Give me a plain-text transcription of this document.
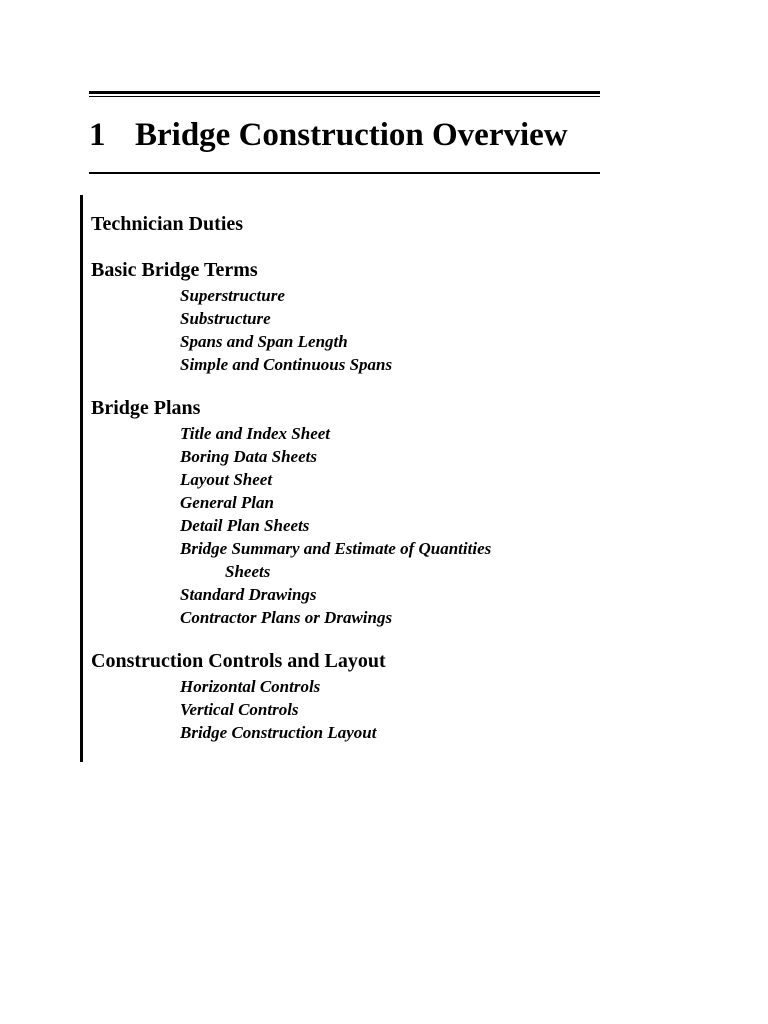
1 Bridge Construction Overview
Technician Duties
Basic Bridge Terms
Superstructure
Substructure
Spans and Span Length
Simple and Continuous Spans
Bridge Plans
Title and Index Sheet
Boring Data Sheets
Layout Sheet
General Plan
Detail Plan Sheets
Bridge Summary and Estimate of Quantities
Sheets
Standard Drawings
Contractor Plans or Drawings
Construction Controls and Layout
Horizontal Controls
Vertical Controls
Bridge Construction Layout
